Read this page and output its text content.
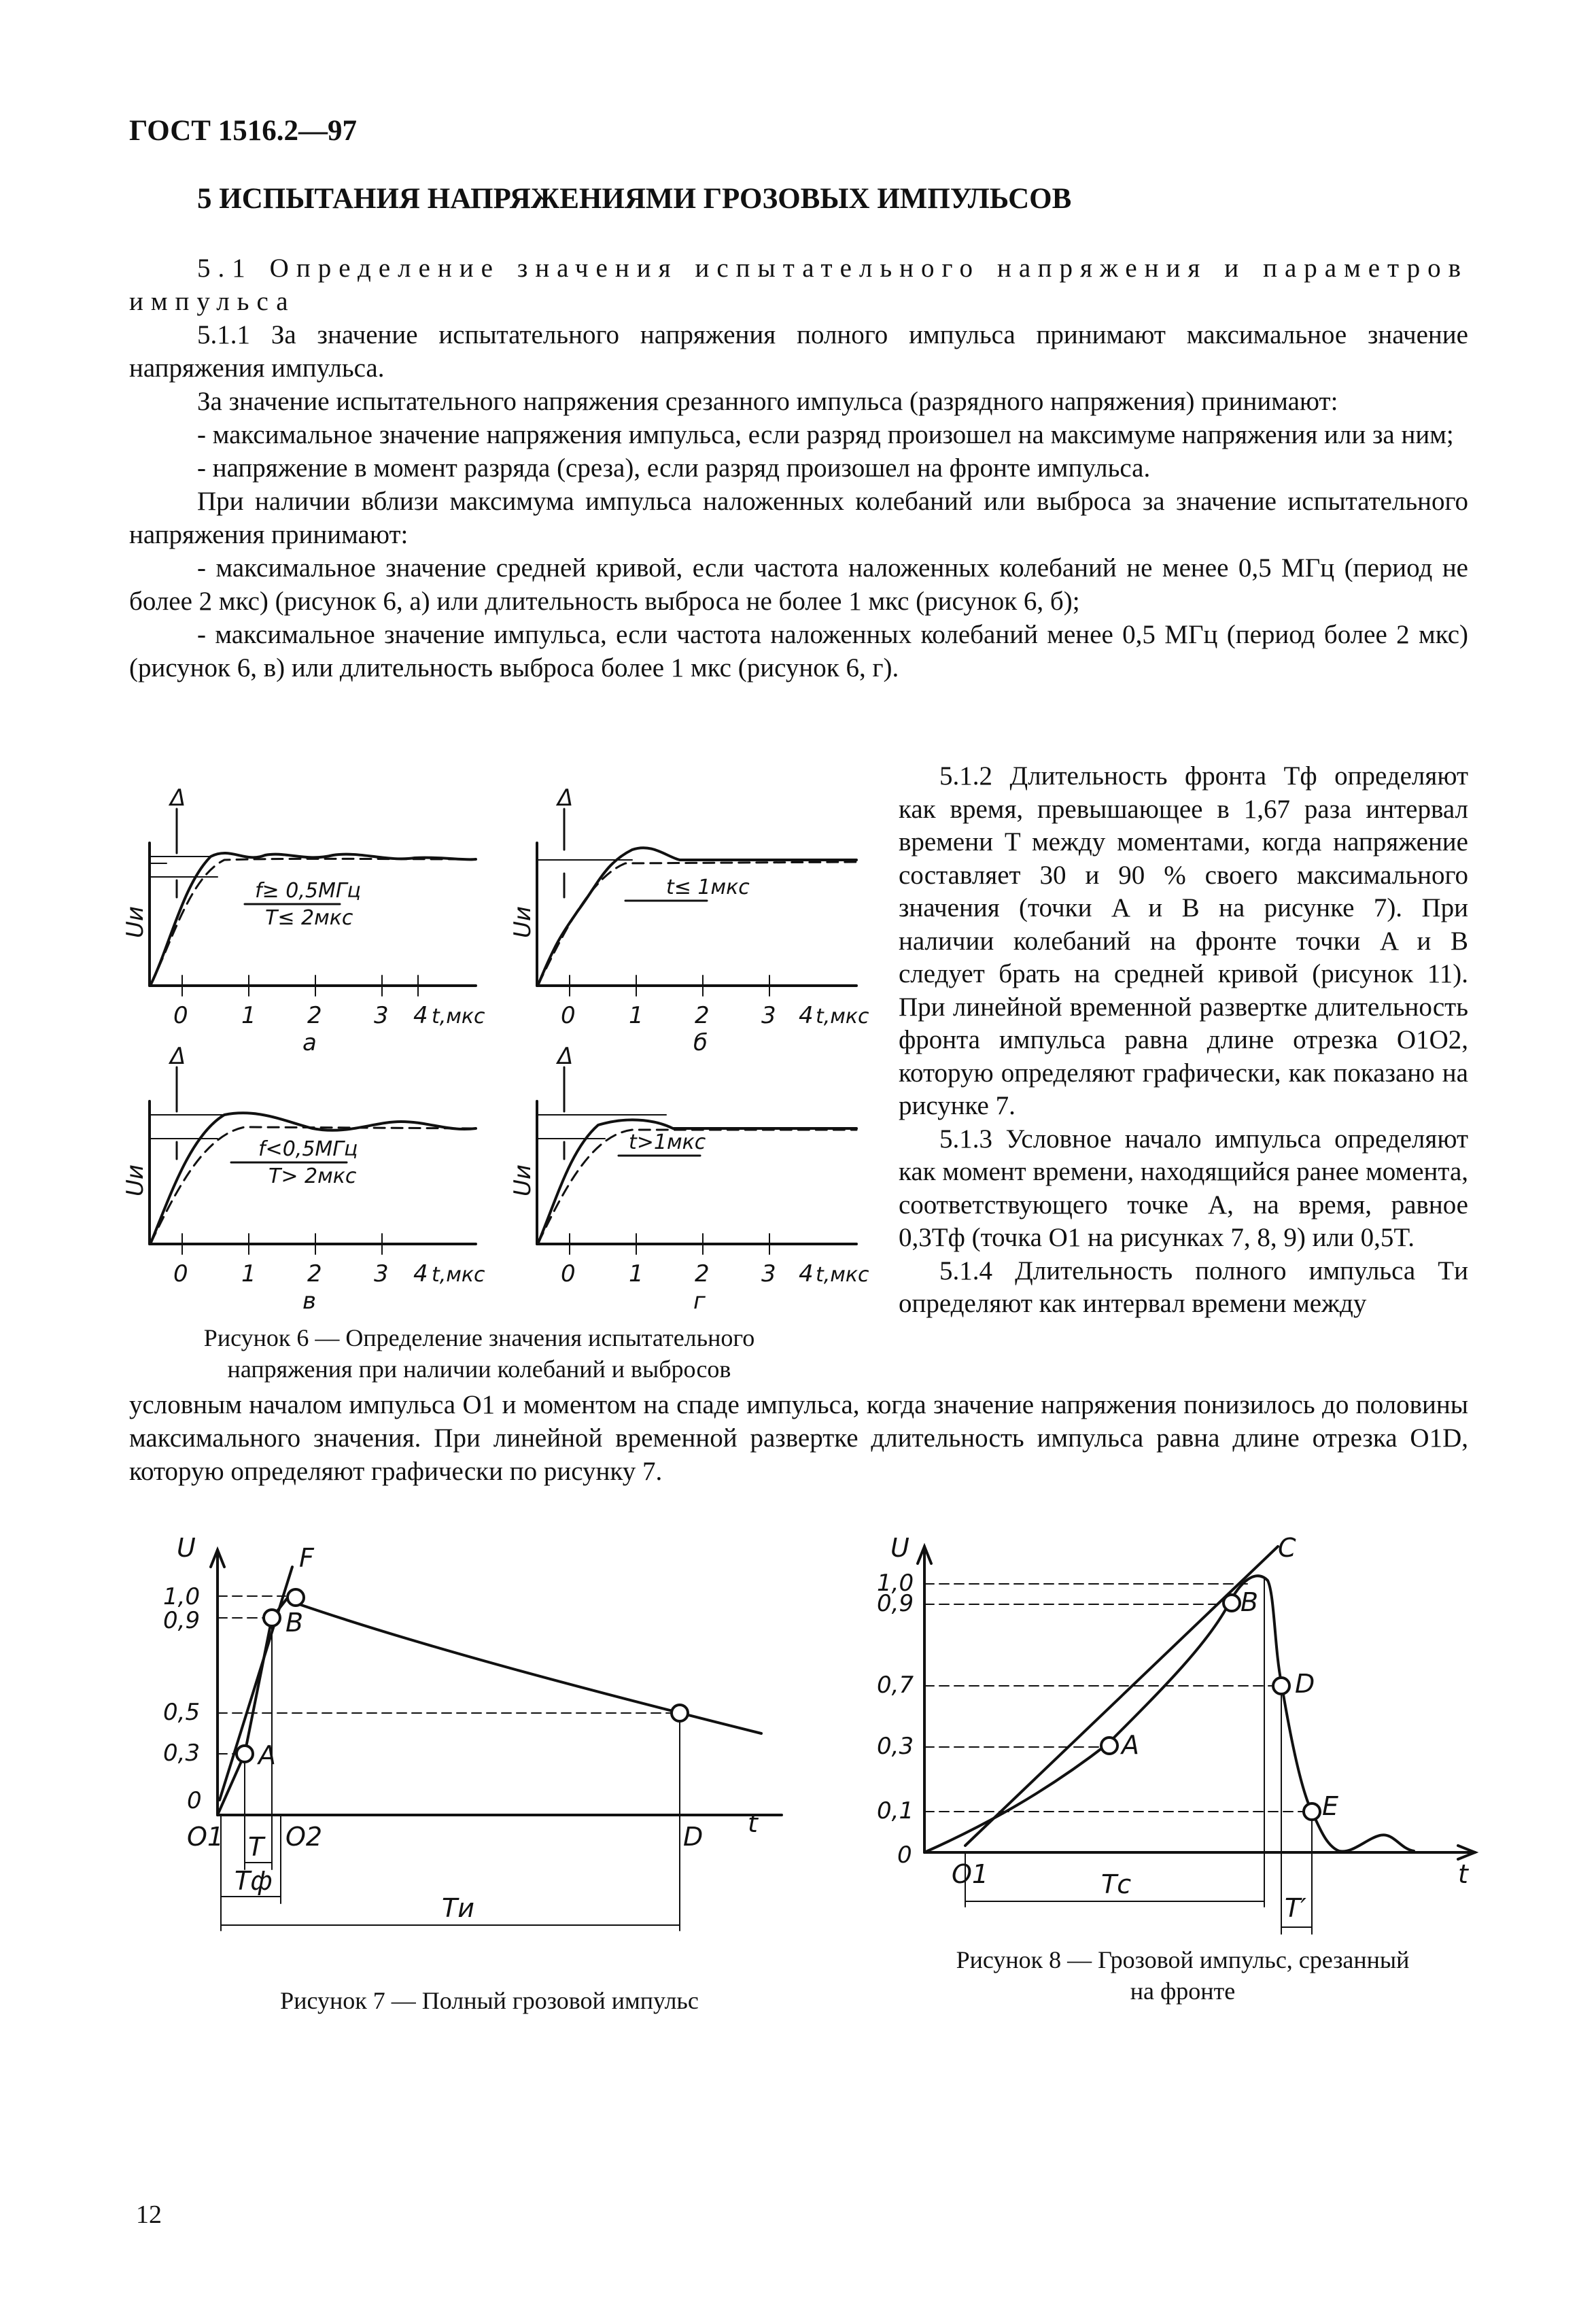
ГОСТ 1516.2—97
5 ИСПЫТАНИЯ НАПРЯЖЕНИЯМИ ГРОЗОВЫХ ИМПУЛЬСОВ
5.1 Определение значения испытательного напряжения и параметров импульса
5.1.1 За значение испытательного напряжения полного импульса принимают максимальное значение напряжения импульса.
За значение испытательного напряжения срезанного импульса (разрядного напряжения) принимают:
- максимальное значение напряжения импульса, если разряд произошел на максимуме напряжения или за ним;
- напряжение в момент разряда (среза), если разряд произошел на фронте импульса.
При наличии вблизи максимума импульса наложенных колебаний или выброса за значение испытательного напряжения принимают:
- максимальное значение средней кривой, если частота наложенных колебаний не менее 0,5 МГц (период не более 2 мкс) (рисунок 6, а) или длительность выброса не более 1 мкс (рисунок 6, б);
- максимальное значение импульса, если частота наложенных колебаний менее 0,5 МГц (период более 2 мкс) (рисунок 6, в) или длительность выброса более 1 мкс (рисунок 6, г).
5.1.2 Длительность фронта Tф определяют как время, превышающее в 1,67 раза интервал времени T между моментами, когда напряжение составляет 30 и 90 % своего максимального значения (точки A и B на рисунке 7). При наличии колебаний на фронте точки A и B следует брать на средней кривой (рисунок 11). При линейной временной развертке длительность фронта импульса равна длине отрезка O1O2, которую определяют графически, как показано на рисунке 7.
5.1.3 Условное начало импульса определяют как момент времени, находящийся ранее момента, соответствующего точке A, на время, равное 0,3Tф (точка O1 на рисунках 7, 8, 9) или 0,5T.
5.1.4 Длительность полного импульса Tи определяют как интервал времени между
условным началом импульса O1 и моментом на спаде импульса, когда значение напряжения понизилось до половины максимального значения. При линейной временной развертке длительность импульса равна длине отрезка O1D, которую определяют графически по рисунку 7.
Uи
Δ
f≥ 0,5МГц
T≤ 2мкс
0 1 2 3 4 t,мкс
а
Uи
Δ
t≤ 1мкс
0 1 2 3 4 t,мкс
б
Uи
Δ
f<0,5МГц
T> 2мкс
0 1 2 3 4 t,мкс
в
Uи
Δ
t>1мкс
0 1 2 3 4 t,мкс
г
Рисунок 6 — Определение значения испытательного
напряжения при наличии колебаний и выбросов
U
t
1,0
0,9
0,5
0,3
0
A
B
F
D
O1 O2
T
Tф
Tи
Рисунок 7 — Полный грозовой импульс
U
t
1,0
0,9
0,7
0,3
0,1
0
A
B
C
D
E
O1	Tс
T′
Рисунок 8 — Грозовой импульс, срезанный
на фронте
12
